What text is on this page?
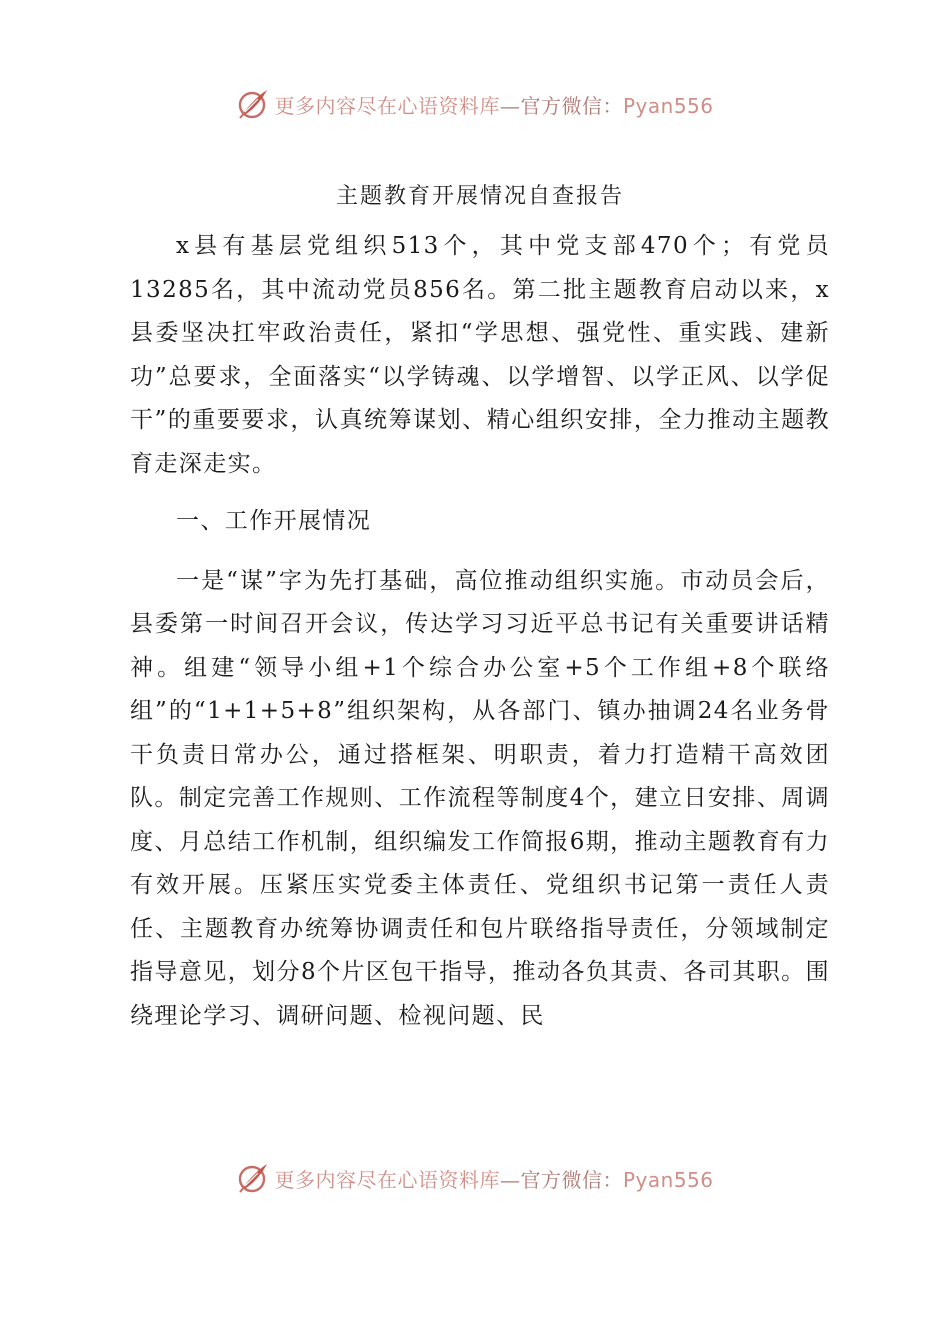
更多内容尽在心语资料库—官方微信：Pyan556
主题教育开展情况自查报告

x县有基层党组织513个，其中党支部470个；有党员13285名，其中流动党员856名。第二批主题教育启动以来，x县委坚决扛牢政治责任，紧扣“学思想、强党性、重实践、建新功”总要求，全面落实“以学铸魂、以学增智、以学正风、以学促干”的重要要求，认真统筹谋划、精心组织安排，全力推动主题教育走深走实。

一、工作开展情况

一是“谋”字为先打基础，高位推动组织实施。市动员会后，县委第一时间召开会议，传达学习习近平总书记有关重要讲话精神。组建“领导小组+1个综合办公室+5个工作组+8个联络组”的“1+1+5+8”组织架构，从各部门、镇办抽调24名业务骨干负责日常办公，通过搭框架、明职责，着力打造精干高效团队。制定完善工作规则、工作流程等制度4个，建立日安排、周调度、月总结工作机制，组织编发工作简报6期，推动主题教育有力有效开展。压紧压实党委主体责任、党组织书记第一责任人责任、主题教育办统筹协调责任和包片联络指导责任，分领域制定指导意见，划分8个片区包干指导，推动各负其责、各司其职。围绕理论学习、调研问题、检视问题、民

更多内容尽在心语资料库—官方微信：Pyan556
